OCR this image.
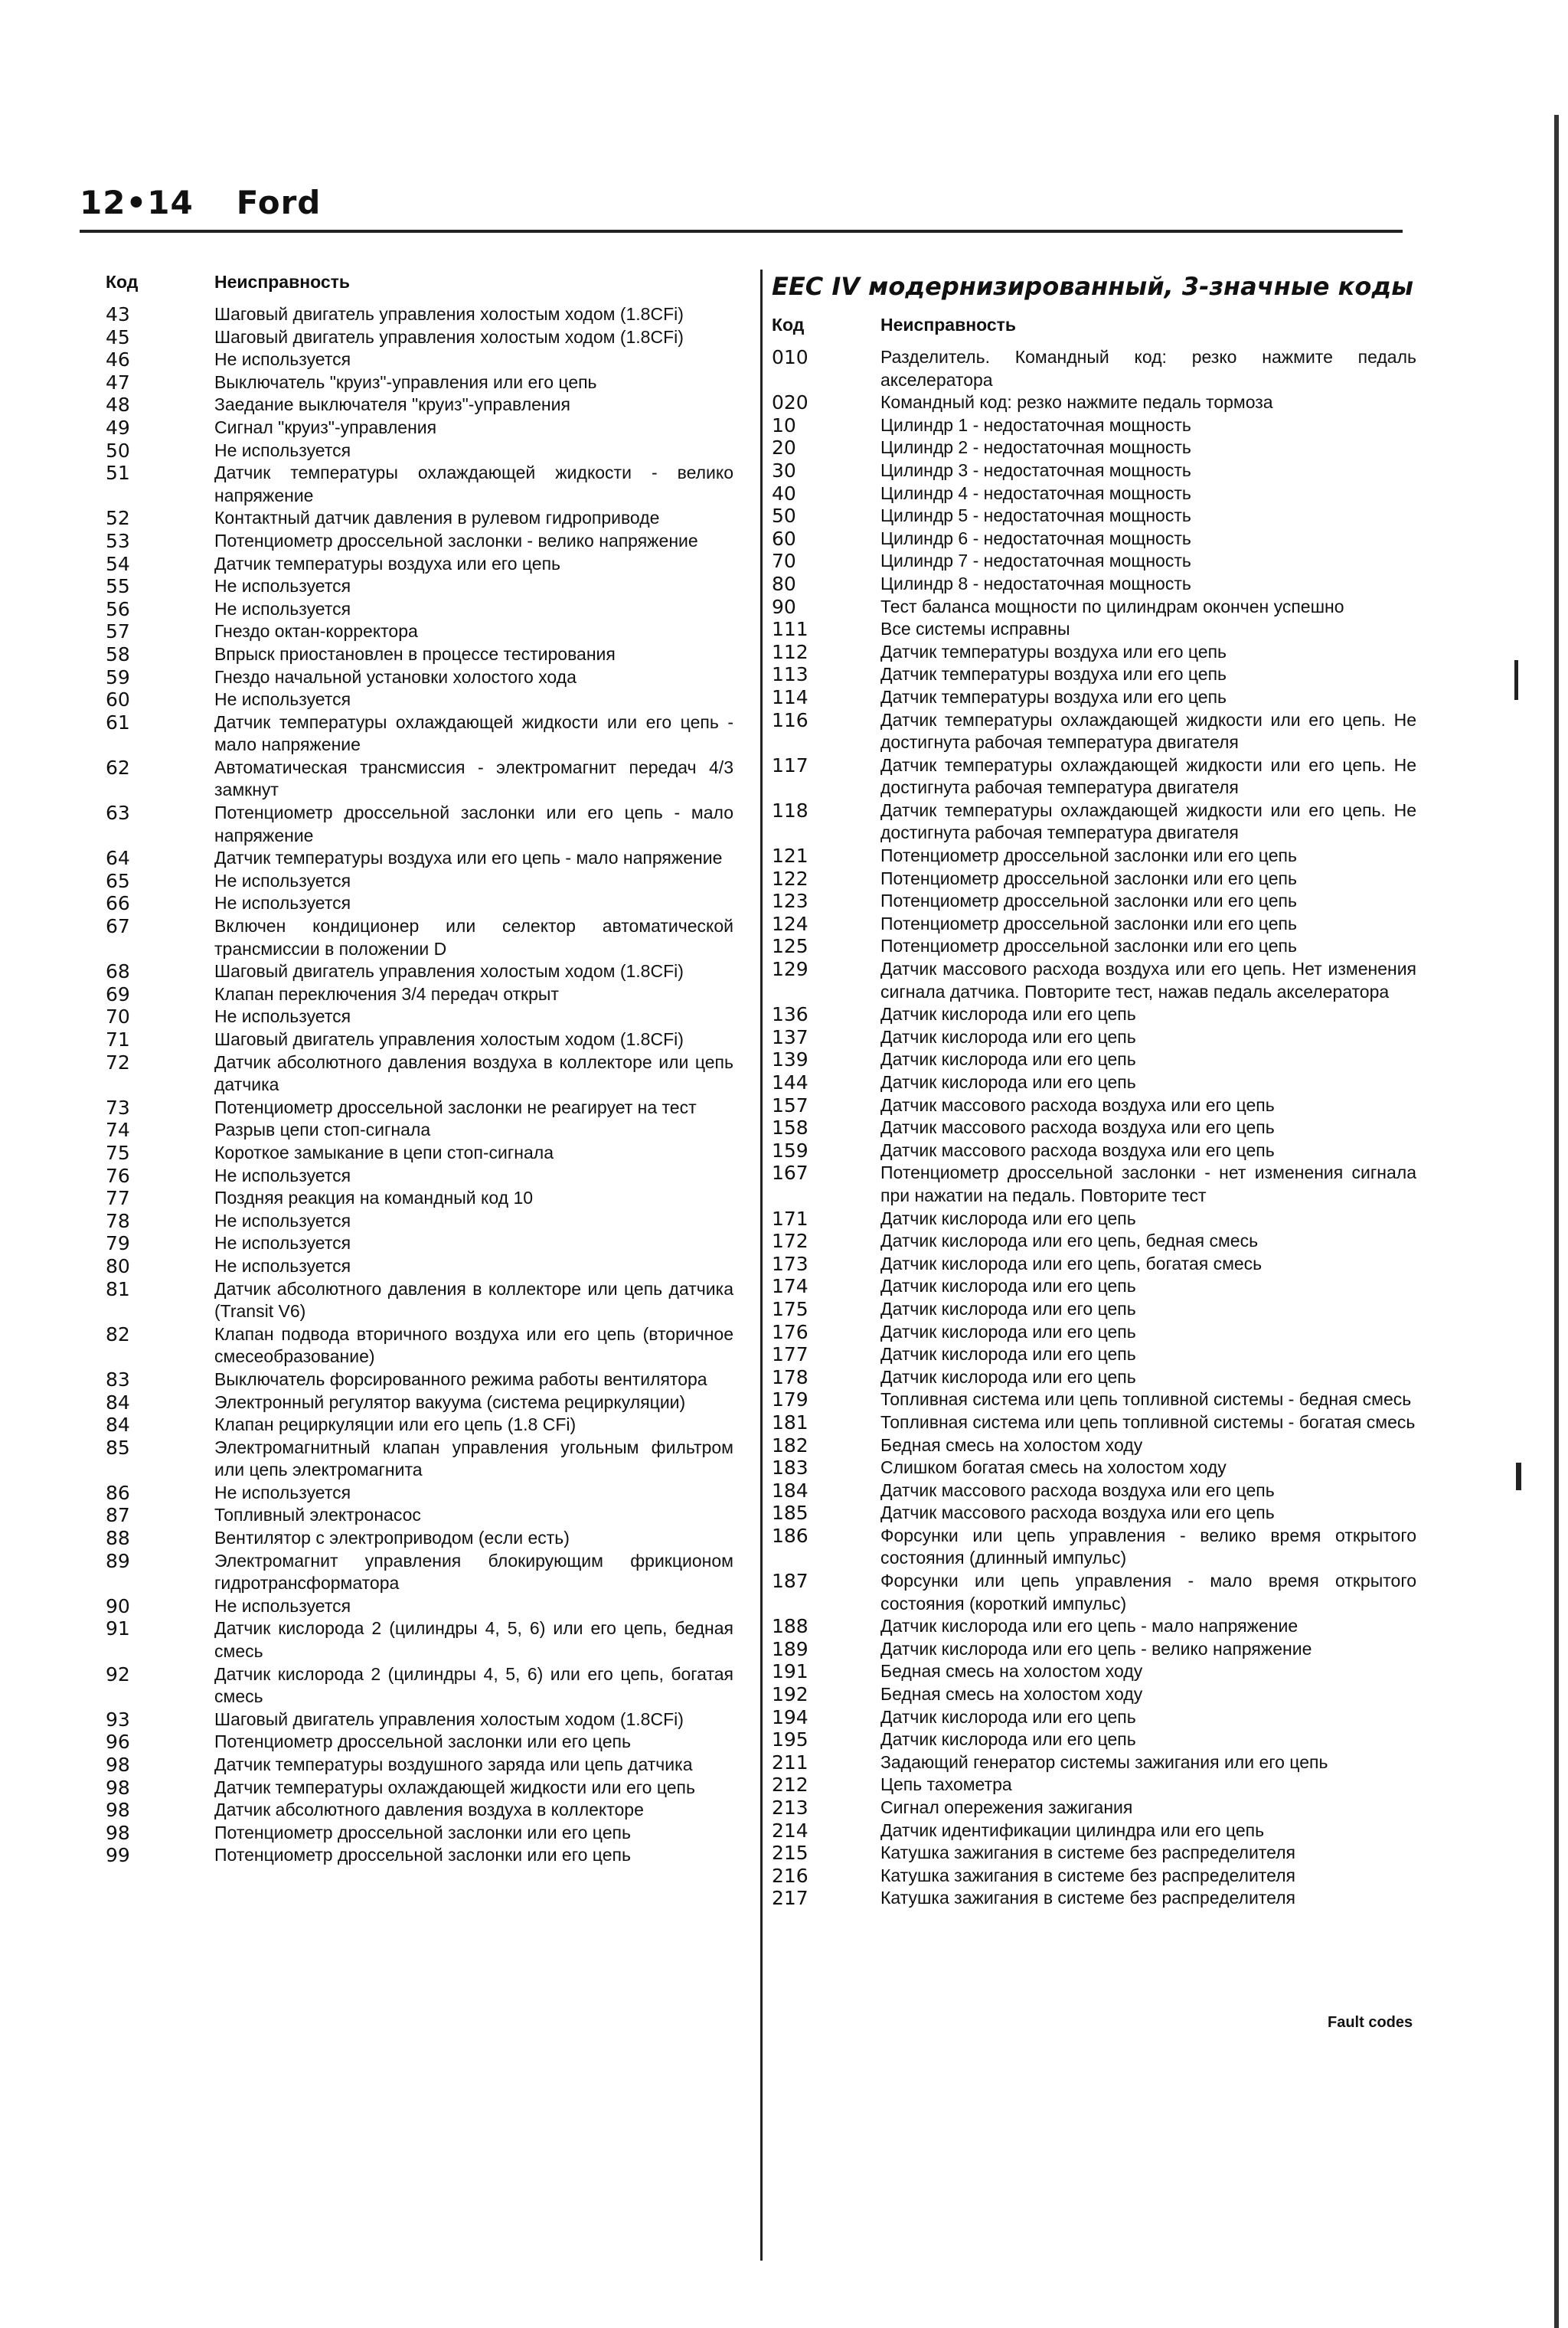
12•14 Ford
Код	Неисправность
43	Шаговый двигатель управления холостым ходом (1.8CFi)
45	Шаговый двигатель управления холостым ходом (1.8CFi)
46	Не используется
47	Выключатель "круиз"-управления или его цепь
48	Заедание выключателя "круиз"-управления
49	Сигнал "круиз"-управления
50	Не используется
51	Датчик температуры охлаждающей жидкости - велико напряжение
52	Контактный датчик давления в рулевом гидроприводе
53	Потенциометр дроссельной заслонки - велико напряжение
54	Датчик температуры воздуха или его цепь
55	Не используется
56	Не используется
57	Гнездо октан-корректора
58	Впрыск приостановлен в процессе тестирования
59	Гнездо начальной установки холостого хода
60	Не используется
61	Датчик температуры охлаждающей жидкости или его цепь - мало напряжение
62	Автоматическая трансмиссия - электромагнит передач 4/3 замкнут
63	Потенциометр дроссельной заслонки или его цепь - мало напряжение
64	Датчик температуры воздуха или его цепь - мало напряжение
65	Не используется
66	Не используется
67	Включен кондиционер или селектор автоматической трансмиссии в положении D
68	Шаговый двигатель управления холостым ходом (1.8CFi)
69	Клапан переключения 3/4 передач открыт
70	Не используется
71	Шаговый двигатель управления холостым ходом (1.8CFi)
72	Датчик абсолютного давления воздуха в коллекторе или цепь датчика
73	Потенциометр дроссельной заслонки не реагирует на тест
74	Разрыв цепи стоп-сигнала
75	Короткое замыкание в цепи стоп-сигнала
76	Не используется
77	Поздняя реакция на командный код 10
78	Не используется
79	Не используется
80	Не используется
81	Датчик абсолютного давления в коллекторе или цепь датчика (Transit V6)
82	Клапан подвода вторичного воздуха или его цепь (вторичное смесеобразование)
83	Выключатель форсированного режима работы вентилятора
84	Электронный регулятор вакуума (система рециркуляции)
84	Клапан рециркуляции или его цепь (1.8 CFi)
85	Электромагнитный клапан управления угольным фильтром или цепь электромагнита
86	Не используется
87	Топливный электронасос
88	Вентилятор с электроприводом (если есть)
89	Электромагнит управления блокирующим фрикционом гидротрансформатора
90	Не используется
91	Датчик кислорода 2 (цилиндры 4, 5, 6) или его цепь, бедная смесь
92	Датчик кислорода 2 (цилиндры 4, 5, 6) или его цепь, богатая смесь
93	Шаговый двигатель управления холостым ходом (1.8CFi)
96	Потенциометр дроссельной заслонки или его цепь
98	Датчик температуры воздушного заряда или цепь датчика
98	Датчик температуры охлаждающей жидкости или его цепь
98	Датчик абсолютного давления воздуха в коллекторе
98	Потенциометр дроссельной заслонки или его цепь
99	Потенциометр дроссельной заслонки или его цепь
EEC IV модернизированный, 3-значные коды
Код	Неисправность
010	Разделитель. Командный код: резко нажмите педаль акселератора
020	Командный код: резко нажмите педаль тормоза
10	Цилиндр 1 - недостаточная мощность
20	Цилиндр 2 - недостаточная мощность
30	Цилиндр 3 - недостаточная мощность
40	Цилиндр 4 - недостаточная мощность
50	Цилиндр 5 - недостаточная мощность
60	Цилиндр 6 - недостаточная мощность
70	Цилиндр 7 - недостаточная мощность
80	Цилиндр 8 - недостаточная мощность
90	Тест баланса мощности по цилиндрам окончен успешно
111	Все системы исправны
112	Датчик температуры воздуха или его цепь
113	Датчик температуры воздуха или его цепь
114	Датчик температуры воздуха или его цепь
116	Датчик температуры охлаждающей жидкости или его цепь. Не достигнута рабочая температура двигателя
117	Датчик температуры охлаждающей жидкости или его цепь. Не достигнута рабочая температура двигателя
118	Датчик температуры охлаждающей жидкости или его цепь. Не достигнута рабочая температура двигателя
121	Потенциометр дроссельной заслонки или его цепь
122	Потенциометр дроссельной заслонки или его цепь
123	Потенциометр дроссельной заслонки или его цепь
124	Потенциометр дроссельной заслонки или его цепь
125	Потенциометр дроссельной заслонки или его цепь
129	Датчик массового расхода воздуха или его цепь. Нет изменения сигнала датчика. Повторите тест, нажав педаль акселератора
136	Датчик кислорода или его цепь
137	Датчик кислорода или его цепь
139	Датчик кислорода или его цепь
144	Датчик кислорода или его цепь
157	Датчик массового расхода воздуха или его цепь
158	Датчик массового расхода воздуха или его цепь
159	Датчик массового расхода воздуха или его цепь
167	Потенциометр дроссельной заслонки - нет изменения сигнала при нажатии на педаль. Повторите тест
171	Датчик кислорода или его цепь
172	Датчик кислорода или его цепь, бедная смесь
173	Датчик кислорода или его цепь, богатая смесь
174	Датчик кислорода или его цепь
175	Датчик кислорода или его цепь
176	Датчик кислорода или его цепь
177	Датчик кислорода или его цепь
178	Датчик кислорода или его цепь
179	Топливная система или цепь топливной системы - бедная смесь
181	Топливная система или цепь топливной системы - богатая смесь
182	Бедная смесь на холостом ходу
183	Слишком богатая смесь на холостом ходу
184	Датчик массового расхода воздуха или его цепь
185	Датчик массового расхода воздуха или его цепь
186	Форсунки или цепь управления - велико время открытого состояния (длинный импульс)
187	Форсунки или цепь управления - мало время открытого состояния (короткий импульс)
188	Датчик кислорода или его цепь - мало напряжение
189	Датчик кислорода или его цепь - велико напряжение
191	Бедная смесь на холостом ходу
192	Бедная смесь на холостом ходу
194	Датчик кислорода или его цепь
195	Датчик кислорода или его цепь
211	Задающий генератор системы зажигания или его цепь
212	Цепь тахометра
213	Сигнал опережения зажигания
214	Датчик идентификации цилиндра или его цепь
215	Катушка зажигания в системе без распределителя
216	Катушка зажигания в системе без распределителя
217	Катушка зажигания в системе без распределителя
Fault codes
